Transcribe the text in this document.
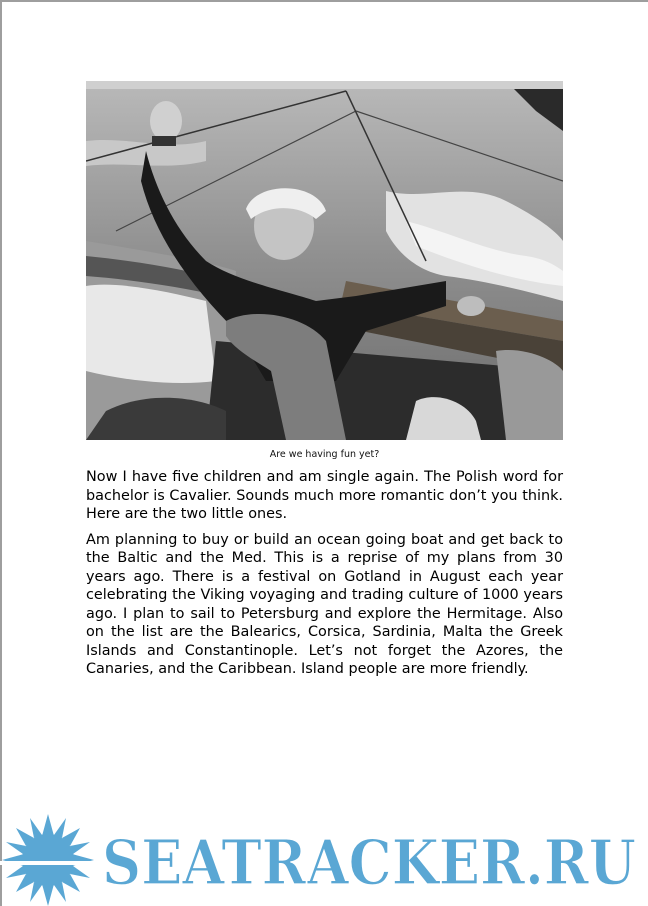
Are we having fun yet?

Now I have five children and am single again. The Polish word for bachelor is Cavalier. Sounds much more romantic don’t you think. Here are the two little ones.

Am planning to buy or build an ocean going boat and get back to the Baltic and the Med. This is a reprise of my plans from 30 years ago. There is a festival on Gotland in August each year celebrating the Viking voyaging and trading culture of 1000 years ago. I plan to sail to Petersburg and explore the Hermitage. Also on the list are the Balearics, Corsica, Sardinia, Malta the Greek Islands and Constantinople. Let’s not forget the Azores, the Canaries, and the Caribbean. Island people are more friendly.

SEATRACKER.RU
